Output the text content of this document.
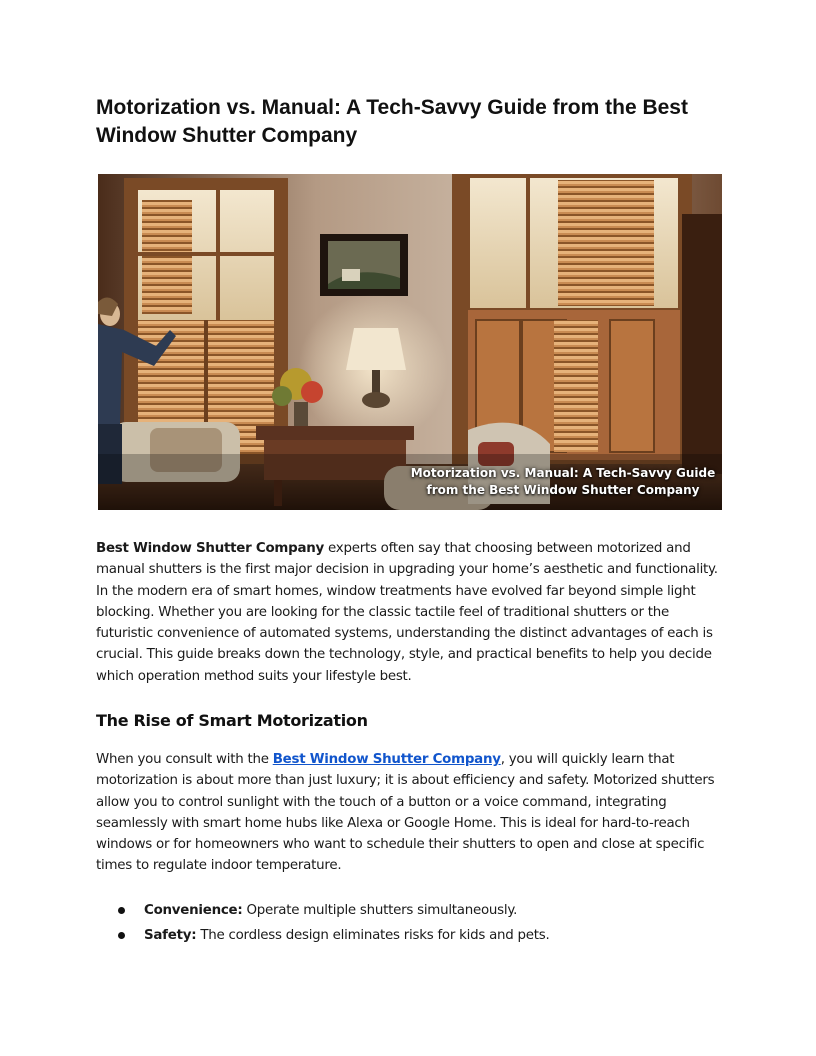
Motorization vs. Manual: A Tech-Savvy Guide from the Best Window Shutter Company
Motorization vs. Manual: A Tech-Savvy Guide
from the Best Window Shutter Company

Best Window Shutter Company experts often say that choosing between motorized and manual shutters is the first major decision in upgrading your home’s aesthetic and functionality. In the modern era of smart homes, window treatments have evolved far beyond simple light blocking. Whether you are looking for the classic tactile feel of traditional shutters or the futuristic convenience of automated systems, understanding the distinct advantages of each is crucial. This guide breaks down the technology, style, and practical benefits to help you decide which operation method suits your lifestyle best.

The Rise of Smart Motorization

When you consult with the Best Window Shutter Company, you will quickly learn that motorization is about more than just luxury; it is about efficiency and safety. Motorized shutters allow you to control sunlight with the touch of a button or a voice command, integrating seamlessly with smart home hubs like Alexa or Google Home. This is ideal for hard-to-reach windows or for homeowners who want to schedule their shutters to open and close at specific times to regulate indoor temperature.

Convenience: Operate multiple shutters simultaneously.
Safety: The cordless design eliminates risks for kids and pets.
